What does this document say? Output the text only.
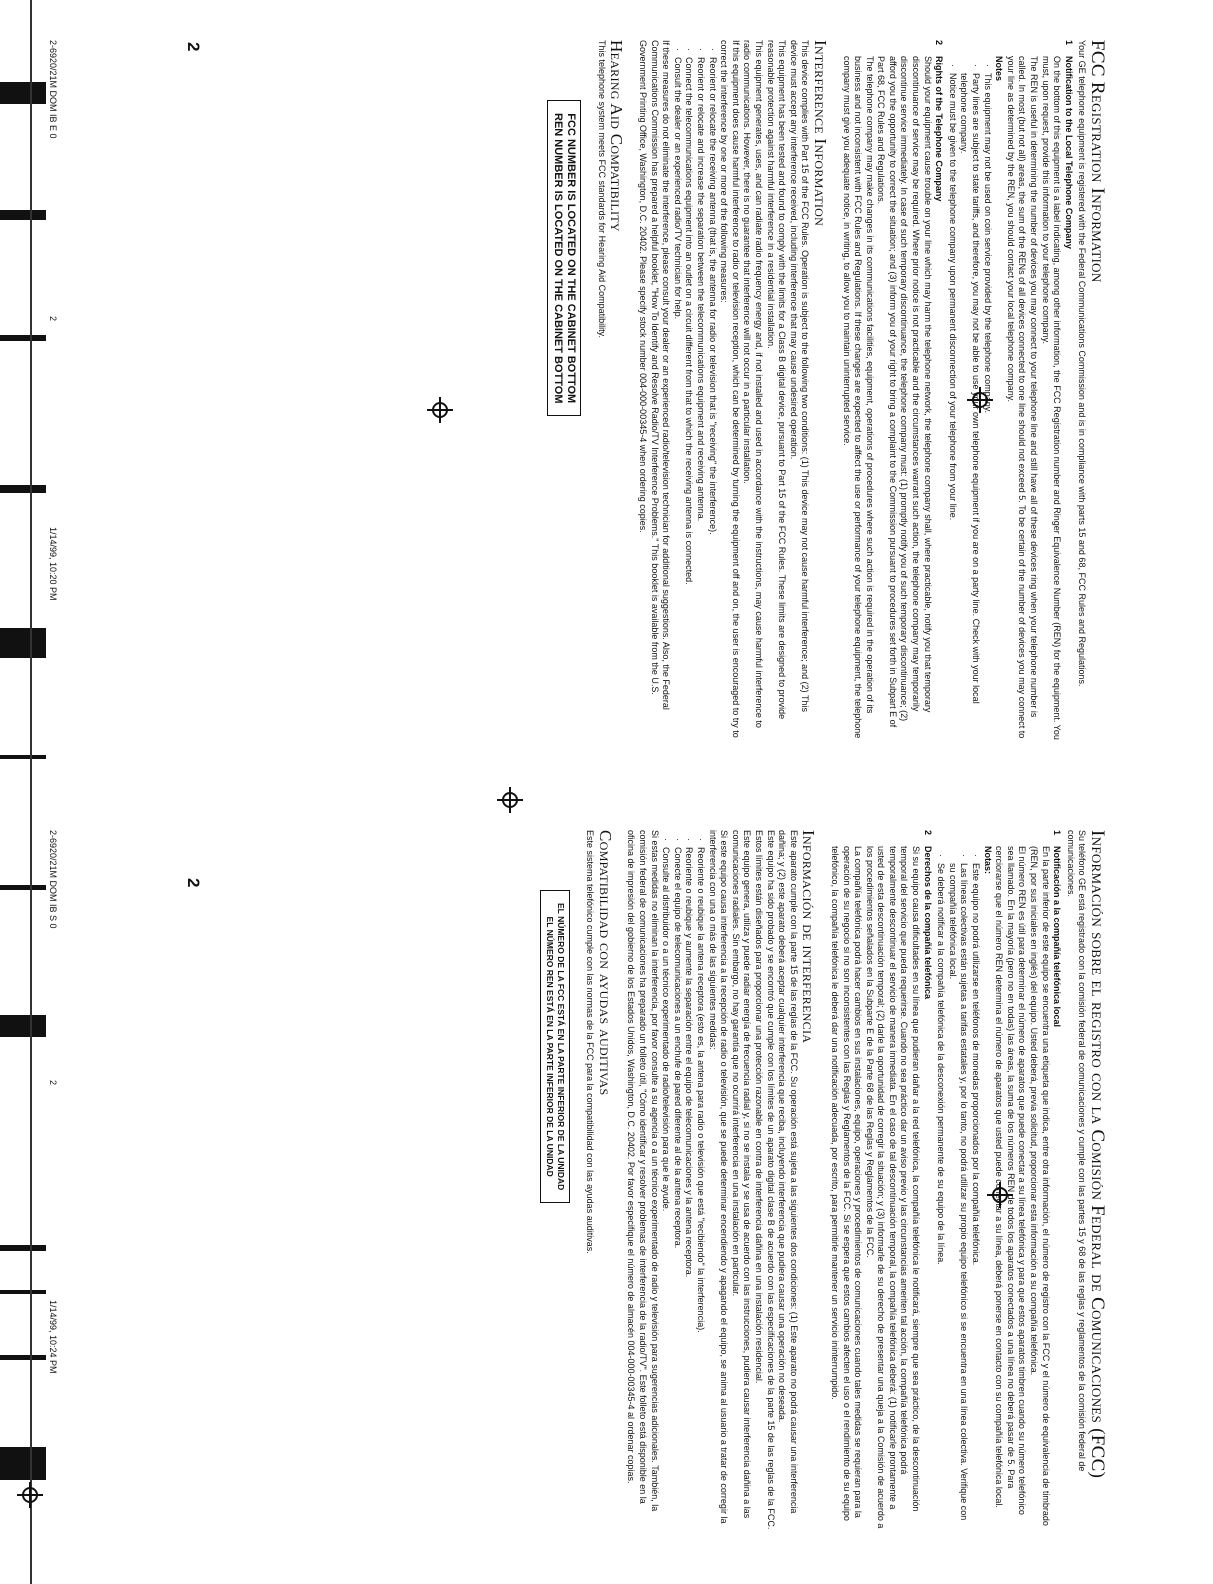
FCC Registration Information

Your GE telephone equipment is registered with the Federal Communications Commission and is in compliance with parts 15 and 68, FCC Rules and Regulations.

1

Notification to the Local Telephone Company

On the bottom of this equipment is a label indicating, among other information, the FCC Registration number and Ringer Equivalence Number (REN) for the equipment. You must, upon request, provide this information to your telephone company.

The REN is useful in determining the number of devices you may connect to your telephone line and still have all of these devices ring when your telephone number is called. In most (but not all) areas, the sum of the RENs of all devices connected to one line should not exceed 5. To be certain of the number of devices you may connect to your line as determined by the REN, you should contact your local telephone company.

Notes

·
This equipment may not be used on coin service provided by the telephone company.
·
Party lines are subject to state tariffs, and therefore, you may not be able to use your own telephone equipment if you are on a party line. Check with your local telephone company.
·
Notice must be given to the telephone company upon permanent disconnection of your telephone from your line.
2

Rights of the Telephone Company

Should your equipment cause trouble on your line which may harm the telephone network, the telephone company shall, where practicable, notify you that temporary discontinuance of service may be required. Where prior notice is not practicable and the circumstances warrant such action, the telephone company may temporarily discontinue service immediately. In case of such temporary discontinuance, the telephone company must: (1) promptly notify you of such temporary discontinuance; (2) afford you the opportunity to correct the situation; and (3) inform you of your right to bring a complaint to the Commission pursuant to procedures set forth in Subpart E of Part 68, FCC Rules and Regulations.

The telephone company may make changes in its communications facilities, equipment, operations of procedures where such action is required in the operation of its business and not inconsistent with FCC Rules and Regulations. If these changes are expected to affect the use or performance of your telephone equipment, the telephone company must give you adequate notice, in writing, to allow you to maintain uninterrupted service.

Interference Information

This device complies with Part 15 of the FCC Rules. Operation is subject to the following two conditions: (1) This device may not cause harmful interference; and (2) This device must accept any interference received, including interference that may cause undesired operation.

This equipment has been tested and found to comply with the limits for a Class B digital device, pursuant to Part 15 of the FCC Rules. These limits are designed to provide reasonable protection against harmful interference in a residential installation.

This equipment generates, uses, and can radiate radio frequency energy and, if not installed and used in accordance with the instructions, may cause harmful interference to radio communications. However, there is no guarantee that interference will not occur in a particular installation.

If this equipment does cause harmful interference to radio or television reception, which can be determined by turning the equipment off and on, the user is encouraged to try to correct the interference by one or more of the following measures:

·
Reorient or relocate the receiving antenna (that is, the antenna for radio or television that is "receiving" the interference).
·
Reorient or relocate and increase the separation between the telecommunications equipment and receiving antenna.
·
Connect the telecommunications equipment into an outlet on a circuit different from that to which the receiving antenna is connected.
·
Consult the dealer or an experienced radio/TV technician for help.

If these measures do not eliminate the interference, please consult your dealer or an experienced radio/television technician for additional suggestions. Also, the Federal Communications Commission has prepared a helpful booklet, "How To Identify and Resolve Radio/TV Interference Problems." This booklet is available from the U.S. Government Printing Office, Washington, D.C. 20402. Please specify stock number 004-000-00345-4 when ordering copies.

Hearing Aid Compatibility

This telephone system meets FCC standards for Hearing Aid Compatibility.

FCC NUMBER IS LOCATED ON THE CABINET BOTTOM
REN NUMBER IS LOCATED ON THE CABINET BOTTOM
2
2-6920/21M DOM IB E 0
2
1/14/99, 10:20 PM
Información sobre el registro con la Comisión Federal de Comunicaciones (FCC)

Su teléfono GE está registrado con la comisión federal de comunicaciones y cumple con las partes 15 y 68 de las reglas y reglamentos de la comisión federal de comunicaciones.

1

Notificación a la compañía telefónica local

En la parte inferior de este equipo se encuentra una etiqueta que indica, entre otra información, el número de registro con la FCC y el número de equivalencia de timbrado (REN, por sus iniciales en inglés) del equipo. Usted deberá, previa solicitud, proporcionar esta información a su compañía telefónica.

El número REN es útil para determinar el número de aparatos que puede conectar a su línea telefónica y para que estos aparatos timbren cuando su número telefónico sea llamado. En la mayoría (pero no en todas) las áreas, la suma de los números REN de todos los aparatos conectados a una línea no deberá pasar de 5. Para cerciorarse que el número REN determina el número de aparatos que usted puede conectar a su línea, deberá ponerse en contacto con su compañía telefónica local.

Notas:

·
Este equipo no podrá utilizarse en teléfonos de monedas proporcionados por la compañía telefónica.
·
Las líneas colectivas están sujetas a tarifas estatales y, por lo tanto, no podrá utilizar su propio equipo telefónico si se encuentra en una línea colectiva. Verifique con su compañía telefónica local.
·
Se deberá notificar a la compañía telefónica de la desconexión permanente de su equipo de la línea.
2

Derechos de la compañía telefónica

Si su equipo causa dificultades en su línea que pudieran dañar a la red telefónica, la compañía telefónica le notificará, siempre que sea práctico, de la descontinuación temporal del servicio que pueda requerirse. Cuando no sea práctico dar un aviso previo y las circunstancias ameriten tal acción, la compañía telefónica podrá temporalmente descontinuar el servicio de manera inmediata. En el caso de tal descontinuación temporal, la compañía telefónica deberá: (1) notificarle prontamente a usted de esta descontinuación temporal; (2) darle la oportunidad de corregir la situación; y (3) informarle de su derecho de presentar una queja a la Comisión de acuerdo a los procedimientos señalados en la Subparte E de la Parte 68 de las Reglas y Reglamentos de la FCC.

La compañía telefónica podrá hacer cambios en sus instalaciones, equipo, operaciones y procedimientos de comunicaciones cuando tales medidas se requieran para la operación de su negocio si no son inconsistentes con las Reglas y Reglamentos de la FCC. Si se espera que estos cambios afecten el uso o el rendimiento de su equipo telefónico, la compañía telefónica le deberá dar una notificación adecuada, por escrito, para permitirle mantener un servicio ininterrumpido.

Información de interferencia

Este aparato cumple con la parte 15 de las reglas de la FCC. Su operación está sujeta a las siguientes dos condiciones: (1) Este aparato no podrá causar una interferencia dañina; y (2) este aparato deberá aceptar cualquier interferencia que reciba, incluyendo interferencia que pudiera causar una operación no deseada.

Este equipo ha sido probado y se encontró que cumple con los límites de un aparato digital clase B de acuerdo con las especificaciones de la parte 15 de las reglas de la FCC. Estos límites están diseñados para proporcionar una protección razonable en contra de interferencia dañina en una instalación residencial.

Este equipo genera, utiliza y puede radiar energía de frecuencia radial y, si no se instala y se usa de acuerdo con las instrucciones, pudiera causar interferencia dañina a las comunicaciones radiales. Sin embargo, no hay garantía que no ocurrirá interferencia en una instalación en particular.

Si este equipo causa interferencia a la recepción de radio o televisión, que se puede determinar encendiendo y apagando el equipo, se anima al usuario a tratar de corregir la interferencia con una o más de las siguientes medidas:

·
Reoriente o reubique la antena receptora (esto es, la antena para radio o televisión que está "recibiendo" la interferencia).
·
Reoriente o reubique y aumente la separación entre el equipo de telecomunicaciones y la antena receptora.
·
Conecte el equipo de telecomunicaciones a un enchufe de pared diferente al de la antena receptora.
·
Consulte al distribuidor o a un técnico experimentado de radio/televisión para que le ayude.

Si estas medidas no eliminan la interferencia, por favor consulte a su agencia o a un técnico experimentado de radio y televisión para sugerencias adicionales. También, la comisión federal de comunicaciones ha preparado un folleto útil, "Cómo identificar y resolver problemas de interferencia de la radio/TV". Este folleto está disponible en la oficina de impresión del gobierno de los Estados Unidos, Washington, D.C. 20402. Por favor especifique el número de almacén 004-000-00345-4 al ordenar copias.

Compatibilidad con ayudas auditivas

Este sistema telefónico cumple con las normas de la FCC para la compatibilidad con las ayudas auditivas.

EL NÚMERO DE LA FCC ESTÁ EN LA PARTE INFERIOR DE LA UNIDAD
EL NÚMERO REN ESTÁ EN LA PARTE INFERIOR DE LA UNIDAD
2
2-6920/21M DOM IB S 0
2
1/14/99, 10:24 PM
